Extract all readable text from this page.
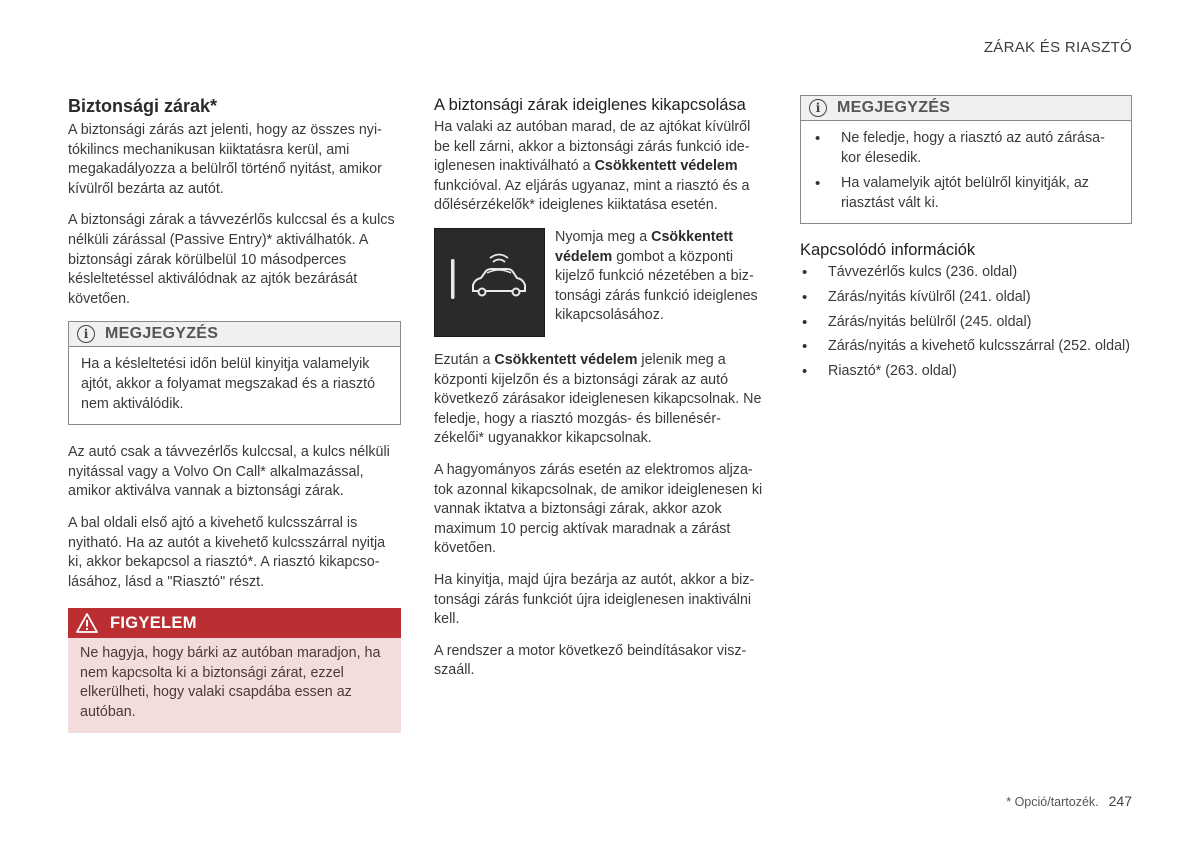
ZÁRAK ÉS RIASZTÓ
Biztonsági zárak*

A biztonsági zárás azt jelenti, hogy az összes nyitókilincs mechanikusan kiiktatásra kerül, ami megakadályozza a belülről történő nyitást, amikor kívülről bezárta az autót.

A biztonsági zárak a távvezérlős kulccsal és a kulcs nélküli zárással (Passive Entry)* aktiválhatók. A biztonsági zárak körülbelül 10 másodperces késleltetéssel aktiválódnak az ajtók bezárását követően.

i	MEGJEGYZÉS

Ha a késleltetési időn belül kinyitja valamelyik ajtót, akkor a folyamat megszakad és a riasztó nem aktiválódik.

Az autó csak a távvezérlős kulccsal, a kulcs nélküli nyitással vagy a Volvo On Call* alkalmazással, amikor aktiválva vannak a biztonsági zárak.

A bal oldali első ajtó a kivehető kulcsszárral is nyitható. Ha az autót a kivehető kulcsszárral nyitja ki, akkor bekapcsol a riasztó*. A riasztó kikapcsolásához, lásd a "Riasztó" részt.

FIGYELEM
Ne hagyja, hogy bárki az autóban maradjon, ha nem kapcsolta ki a biztonsági zárat, ezzel elkerülheti, hogy valaki csapdába essen az autóban.
A biztonsági zárak ideiglenes kikapcsolása

Ha valaki az autóban marad, de az ajtókat kívülről be kell zárni, akkor a biztonsági zárás funkció ideiglenesen inaktiválható a Csökkentett védelem funkcióval. Az eljárás ugyanaz, mint a riasztó és a dőlésérzékelők* ideiglenes kiiktatása esetén.

Nyomja meg a Csökkentett védelem gombot a központi kijelző funkció nézetében a biztonsági zárás funkció ideiglenes kikapcsolásához.

Ezután a Csökkentett védelem jelenik meg a központi kijelzőn és a biztonsági zárak az autó következő zárásakor ideiglenesen kikapcsolnak. Ne feledje, hogy a riasztó mozgás- és billenésérzékelői* ugyanakkor kikapcsolnak.

A hagyományos zárás esetén az elektromos aljzatok azonnal kikapcsolnak, de amikor ideiglenesen ki vannak iktatva a biztonsági zárak, akkor azok maximum 10 percig aktívak maradnak a zárást követően.

Ha kinyitja, majd újra bezárja az autót, akkor a biztonsági zárás funkciót újra ideiglenesen inaktiválni kell.

A rendszer a motor következő beindításakor viszszaáll.

i	MEGJEGYZÉS
• Ne feledje, hogy a riasztó az autó zárásakor élesedik.
• Ha valamelyik ajtót belülről kinyitják, az riasztást vált ki.
Kapcsolódó információk
• Távvezérlős kulcs (236. oldal)
• Zárás/nyitás kívülről (241. oldal)
• Zárás/nyitás belülről (245. oldal)
• Zárás/nyitás a kivehető kulcsszárral (252. oldal)
• Riasztó* (263. oldal)
* Opció/tartozék. 247
